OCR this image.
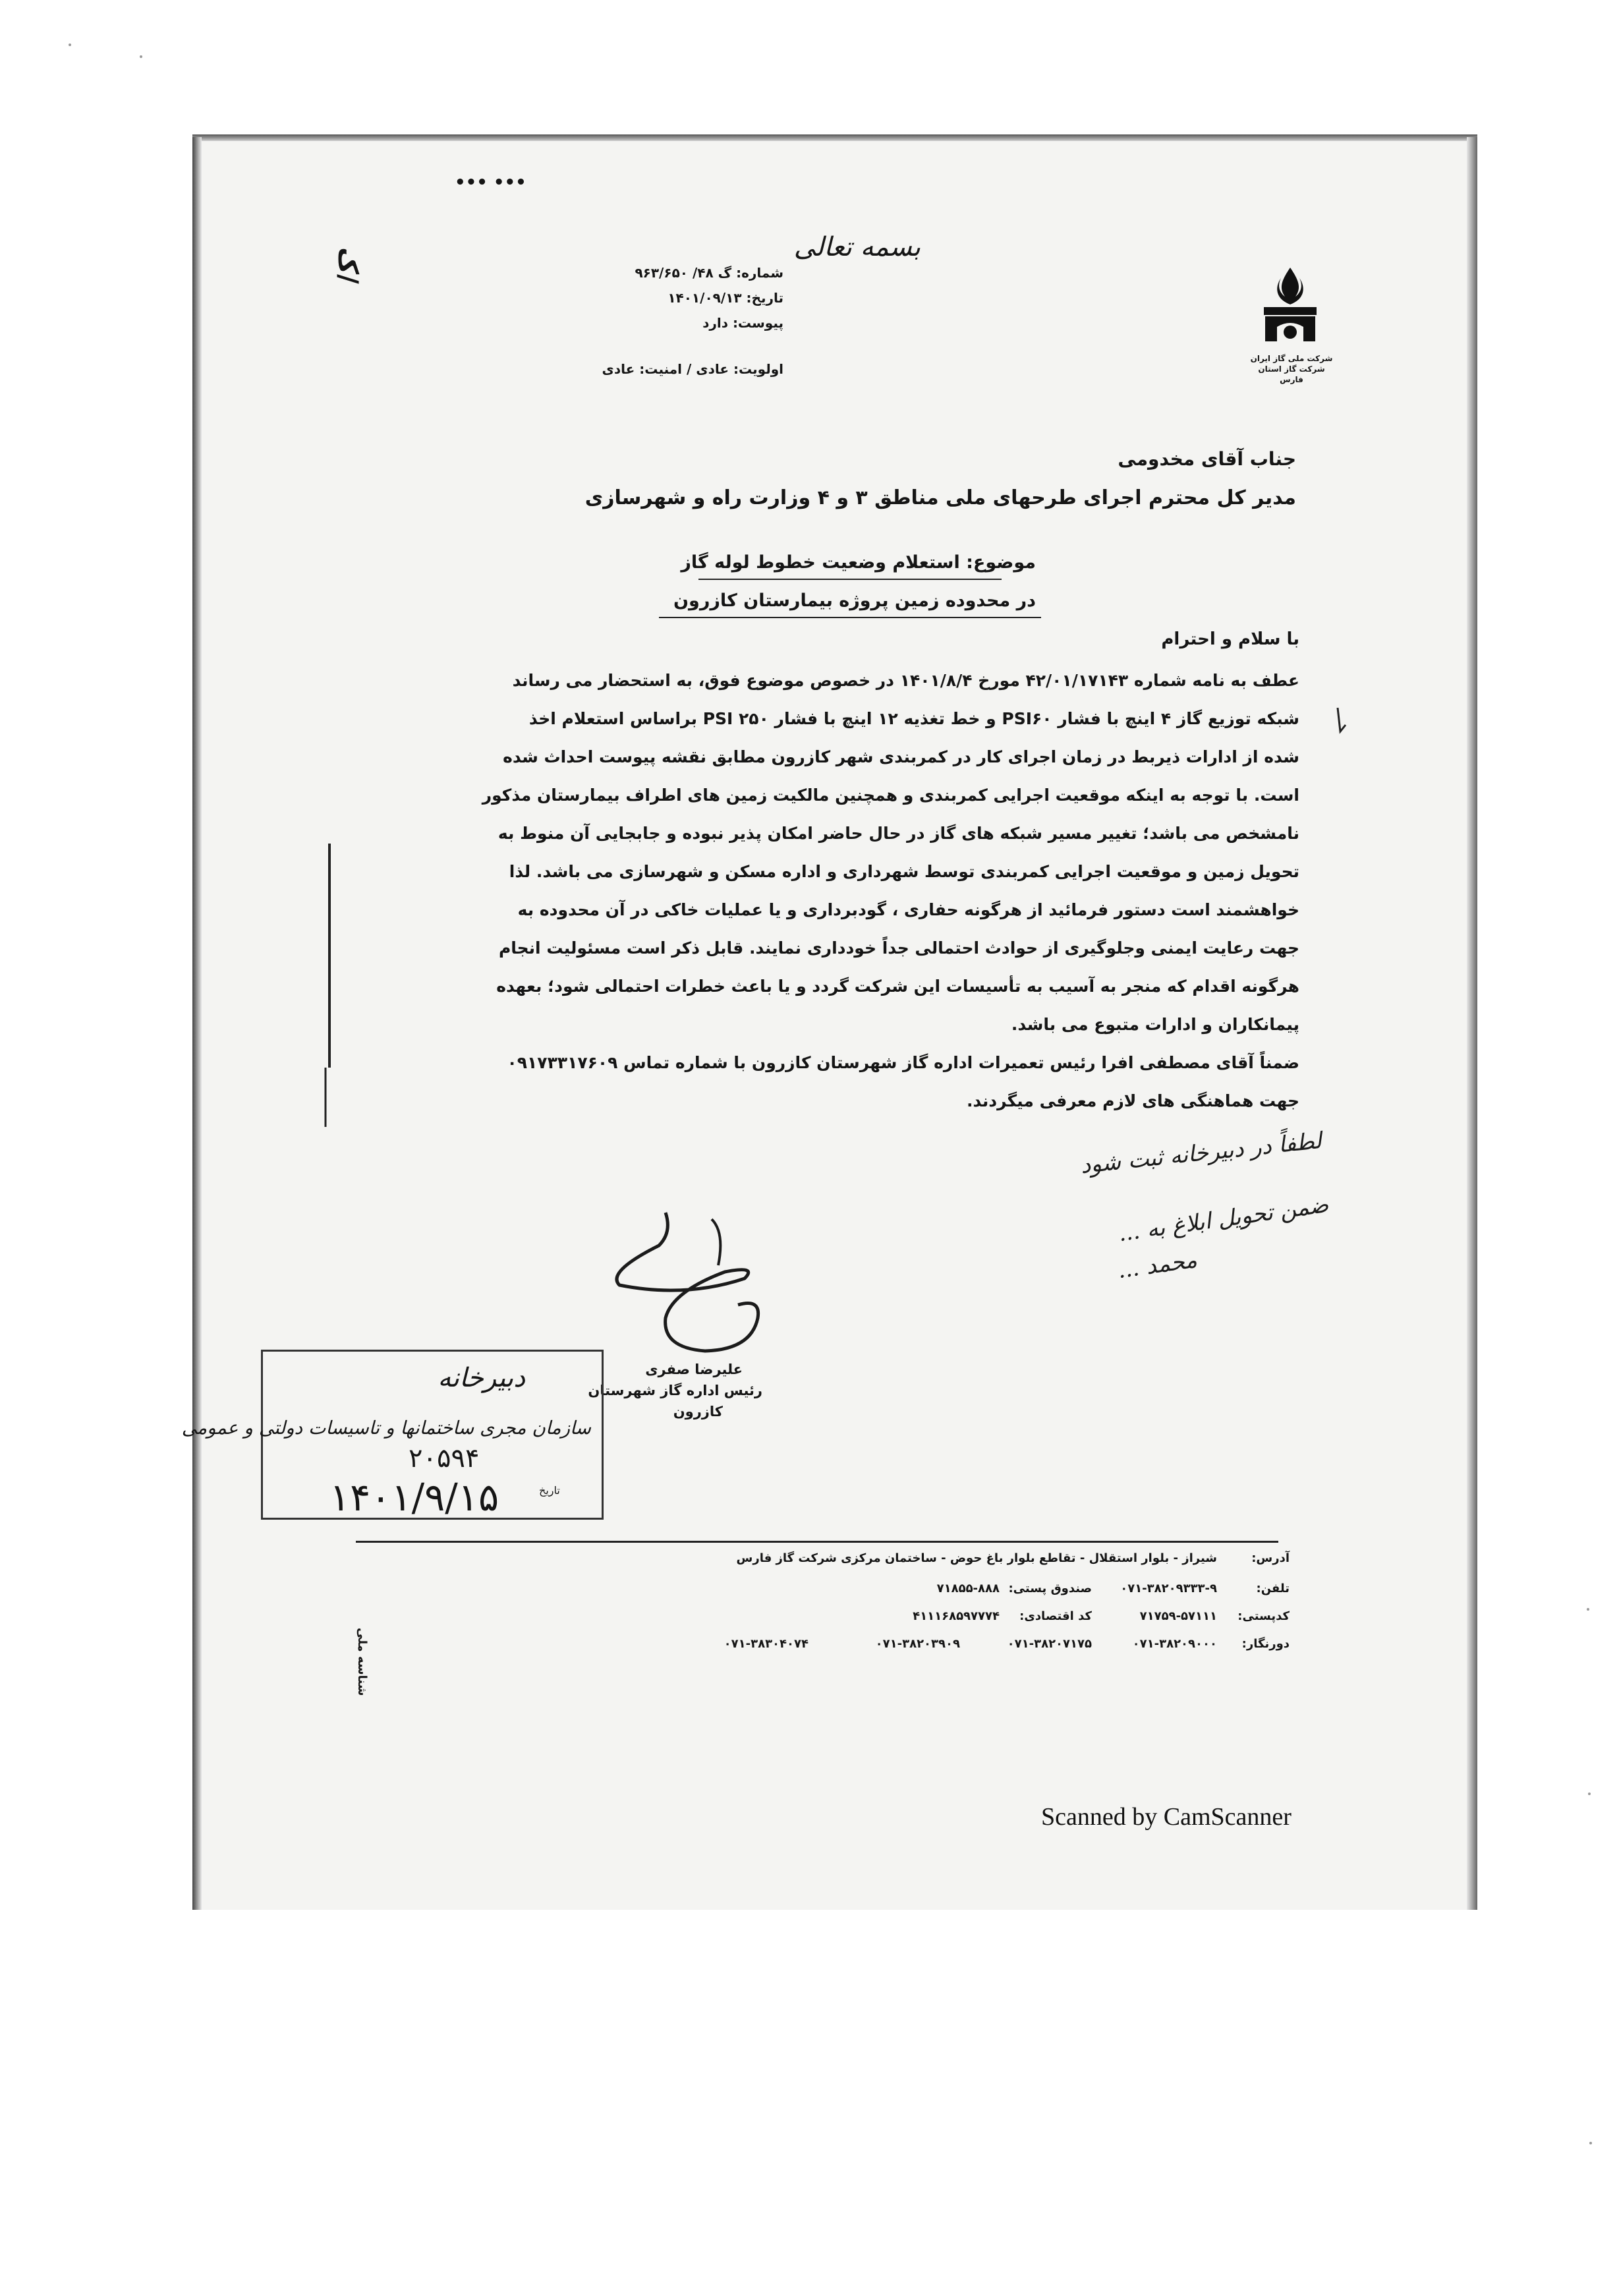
••• •••
ک/
بسمه تعالی
شماره: گ ۴۸/ ۹۶۳/۶۵۰
تاریخ: ۱۴۰۱/۰۹/۱۳
پیوست: دارد
اولویت: عادی / امنیت: عادی
شرکت ملی گاز ایران شرکت گاز استان فارس
جناب آقای مخدومی
مدیر کل محترم اجرای طرحهای ملی مناطق ۳ و ۴ وزارت راه و شهرسازی
موضوع: استعلام وضعیت خطوط لوله گاز
در محدوده زمین پروژه بیمارستان کازرون
با سلام و احترام
عطف به نامه شماره ۴۲/۰۱/۱۷۱۴۳ مورخ ۱۴۰۱/۸/۴ در خصوص موضوع فوق، به استحضار می رساند
شبکه توزیع گاز ۴ اینچ با فشار PSI۶۰ و خط تغذیه ۱۲ اینچ با فشار PSI ۲۵۰ براساس استعلام اخذ
شده از ادارات ذیربط در زمان اجرای کار در کمربندی شهر کازرون مطابق نقشه پیوست احداث شده
است. با توجه به اینکه موقعیت اجرایی کمربندی و همچنین مالکیت زمین های اطراف بیمارستان مذکور
نامشخص می باشد؛ تغییر مسیر شبکه های گاز در حال حاضر امکان پذیر نبوده و جابجایی آن منوط به
تحویل زمین و موقعیت اجرایی کمربندی توسط شهرداری و اداره مسکن و شهرسازی می باشد. لذا
خواهشمند است دستور فرمائید از هرگونه حفاری ، گودبرداری و یا عملیات خاکی در آن محدوده به
جهت رعایت ایمنی وجلوگیری از حوادث احتمالی جداً خودداری نمایند. قابل ذکر است مسئولیت انجام
هرگونه اقدام که منجر به آسیب به تأسیسات این شرکت گردد و یا باعث خطرات احتمالی شود؛ بعهده
پیمانکاران و ادارات متبوع می باشد.
ضمناً آقای مصطفی افرا رئیس تعمیرات اداره گاز شهرستان کازرون با شماره تماس ۰۹۱۷۳۳۱۷۶۰۹
جهت هماهنگی های لازم معرفی میگردند.
لطفاً در دبیرخانه ثبت شود
ضمن تحویل ابلاغ به ...
محمد ...
علیرضا صفری
رئیس اداره گاز شهرستان
کازرون
دبیرخانه
سازمان مجری ساختمانها و تاسیسات دولتی و عمومی
۲۰۵۹۴
تاریخ
۱۴۰۱/۹/۱۵
آدرس:
شیراز - بلوار استقلال - تقاطع بلوار باغ حوض - ساختمان مرکزی شرکت گاز فارس
تلفن:
۰۷۱-۳۸۲۰۹۳۳۳-۹
صندوق پستی:
۷۱۸۵۵-۸۸۸
کدپستی:
۷۱۷۵۹-۵۷۱۱۱
کد اقتصادی:
۴۱۱۱۶۸۵۹۷۷۷۴
دورنگار:
۰۷۱-۳۸۲۰۹۰۰۰
۰۷۱-۳۸۲۰۷۱۷۵
۰۷۱-۳۸۲۰۳۹۰۹
۰۷۱-۳۸۳۰۴۰۷۴
شناسه ملی
Scanned by CamScanner
